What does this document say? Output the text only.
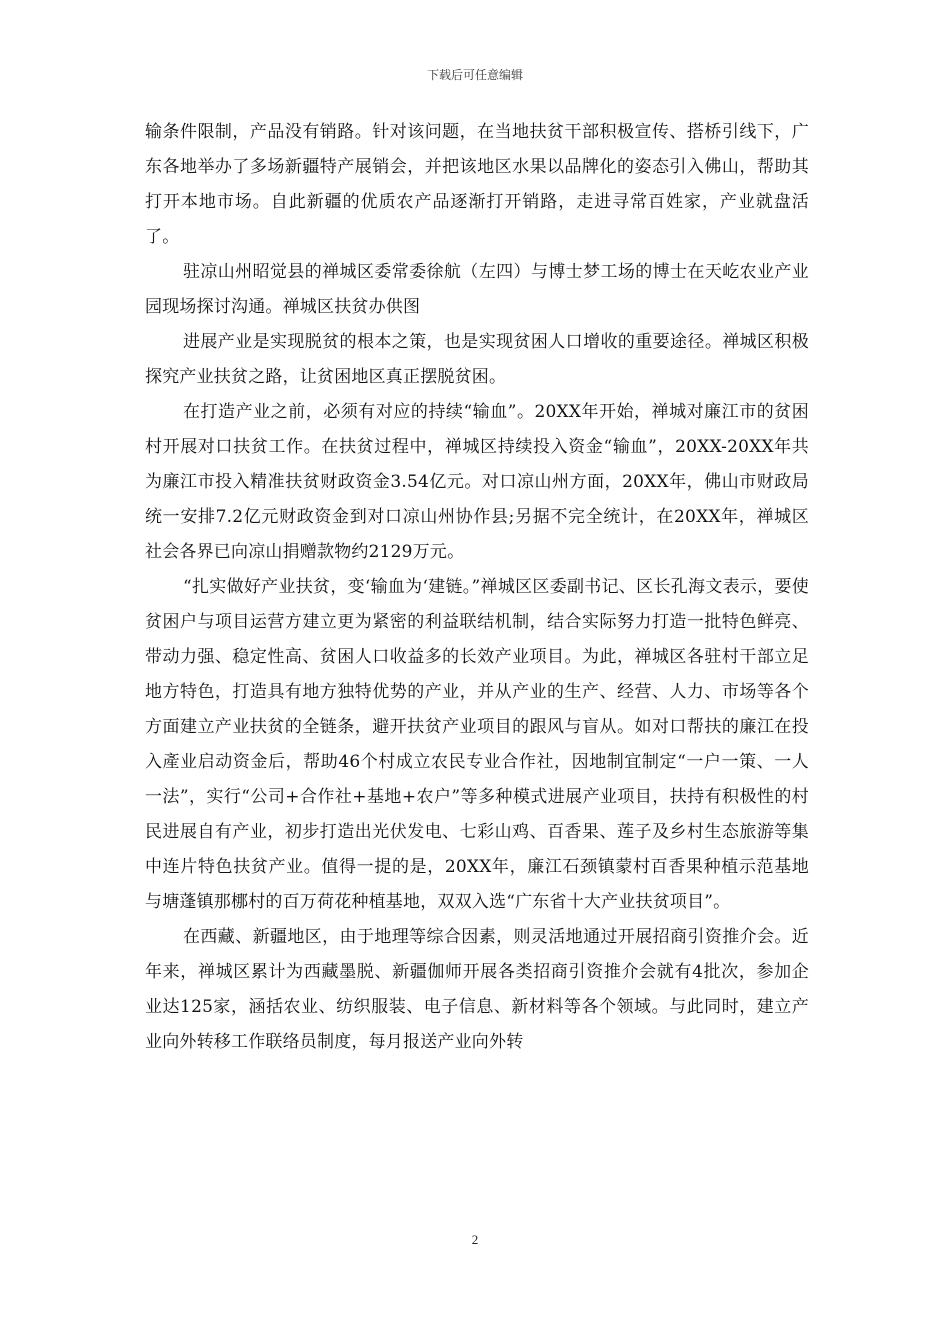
下载后可任意编辑

输条件限制，产品没有销路。针对该问题，在当地扶贫干部积极宣传、搭桥引线下，广东各地举办了多场新疆特产展销会，并把该地区水果以品牌化的姿态引入佛山，帮助其打开本地市场。自此新疆的优质农产品逐渐打开销路，走进寻常百姓家，产业就盘活了。

驻凉山州昭觉县的禅城区委常委徐航（左四）与博士梦工场的博士在天屹农业产业园现场探讨沟通。禅城区扶贫办供图

进展产业是实现脱贫的根本之策，也是实现贫困人口增收的重要途径。禅城区积极探究产业扶贫之路，让贫困地区真正摆脱贫困。

在打造产业之前，必须有对应的持续“输血”。20XX年开始，禅城对廉江市的贫困村开展对口扶贫工作。在扶贫过程中，禅城区持续投入资金“输血”，20XX-20XX年共为廉江市投入精准扶贫财政资金3.54亿元。对口凉山州方面，20XX年，佛山市财政局统一安排7.2亿元财政资金到对口凉山州协作县;另据不完全统计，在20XX年，禅城区社会各界已向凉山捐赠款物约2129万元。

“扎实做好产业扶贫，变‘输血为‘建链。”禅城区区委副书记、区长孔海文表示，要使贫困户与项目运营方建立更为紧密的利益联结机制，结合实际努力打造一批特色鲜亮、带动力强、稳定性高、贫困人口收益多的长效产业项目。为此，禅城区各驻村干部立足地方特色，打造具有地方独特优势的产业，并从产业的生产、经营、人力、市场等各个方面建立产业扶贫的全链条，避开扶贫产业项目的跟风与盲从。如对口帮扶的廉江在投入產业启动资金后，帮助46个村成立农民专业合作社，因地制宜制定“一户一策、一人一法”，实行“公司+合作社+基地+农户”等多种模式进展产业项目，扶持有积极性的村民进展自有产业，初步打造出光伏发电、七彩山鸡、百香果、莲子及乡村生态旅游等集中连片特色扶贫产业。值得一提的是，20XX年，廉江石颈镇蒙村百香果种植示范基地与塘蓬镇那梛村的百万荷花种植基地，双双入选“广东省十大产业扶贫项目”。

在西藏、新疆地区，由于地理等综合因素，则灵活地通过开展招商引资推介会。近年来，禅城区累计为西藏墨脱、新疆伽师开展各类招商引资推介会就有4批次，参加企业达125家，涵括农业、纺织服装、电子信息、新材料等各个领域。与此同时，建立产业向外转移工作联络员制度，每月报送产业向外转

2
